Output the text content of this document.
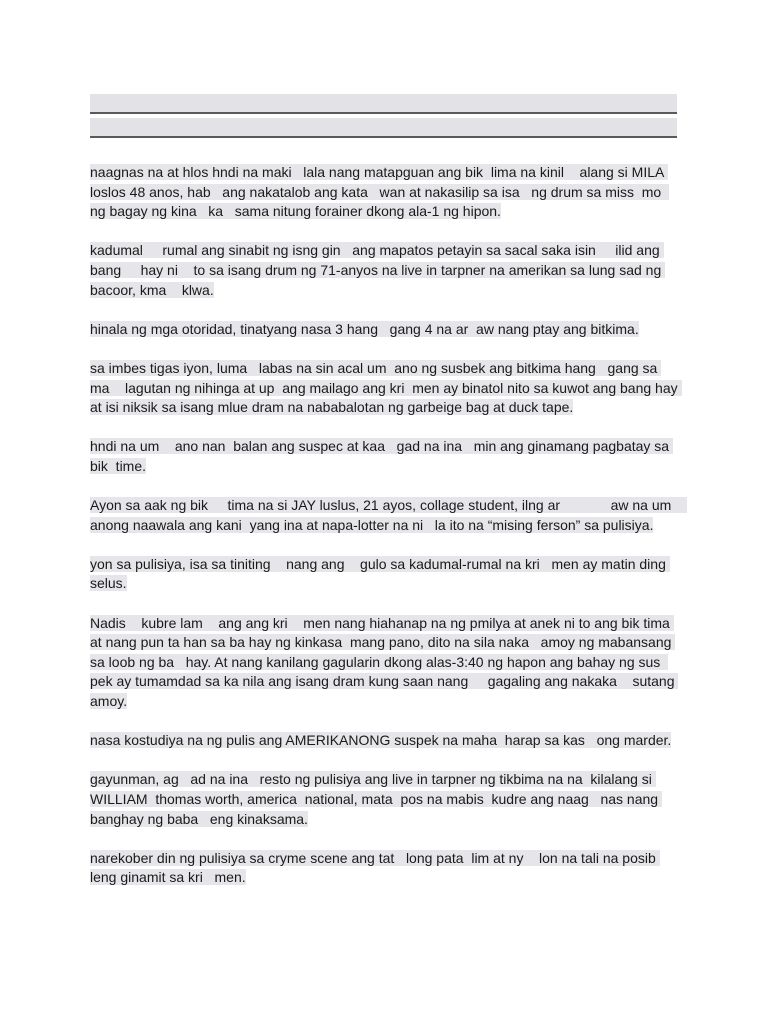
naagnas na at hlos hndi na maki   lala nang matapguan ang bik  lima na kinil    alang si MILA loslos 48 anos, hab   ang nakatalob ang kata   wan at nakasilip sa isa   ng drum sa miss  mo  ng bagay ng kina   ka   sama nitung forainer dkong ala-1 ng hipon.

kadumal     rumal ang sinabit ng isng gin   ang mapatos petayin sa sacal saka isin     ilid ang bang     hay ni    to sa isang drum ng 71-anyos na live in tarpner na amerikan sa lung sad ng bacoor, kma    klwa.

hinala ng mga otoridad, tinatyang nasa 3 hang   gang 4 na ar  aw nang ptay ang bitkima.

sa imbes tigas iyon, luma   labas na sin acal um  ano ng susbek ang bitkima hang   gang sa ma    lagutan ng nihinga at up  ang mailago ang kri  men ay binatol nito sa kuwot ang bang hay at isi niksik sa isang mlue dram na nababalotan ng garbeige bag at duck tape.

hndi na um    ano nan  balan ang suspec at kaa   gad na ina   min ang ginamang pagbatay sa bik  time.

Ayon sa aak ng bik     tima na si JAY luslus, 21 ayos, collage student, ilng ar             aw na um    anong naawala ang kani  yang ina at napa-lotter na ni   la ito na “mising ferson” sa pulisiya.

yon sa pulisiya, isa sa tiniting    nang ang    gulo sa kadumal-rumal na kri   men ay matin ding selus.

Nadis    kubre lam    ang ang kri    men nang hiahanap na ng pmilya at anek ni to ang bik tima at nang pun ta han sa ba hay ng kinkasa  mang pano, dito na sila naka   amoy ng mabansang sa loob ng ba   hay. At nang kanilang gagularin dkong alas-3:40 ng hapon ang bahay ng sus  pek ay tumamdad sa ka nila ang isang dram kung saan nang     gagaling ang nakaka    sutang amoy.

nasa kostudiya na ng pulis ang AMERIKANONG suspek na maha  harap sa kas   ong marder.

gayunman, ag   ad na ina   resto ng pulisiya ang live in tarpner ng tikbima na na  kilalang si WILLIAM  thomas worth, america  national, mata  pos na mabis  kudre ang naag   nas nang banghay ng baba   eng kinaksama.

narekober din ng pulisiya sa cryme scene ang tat   long pata  lim at ny    lon na tali na posib leng ginamit sa kri   men.
